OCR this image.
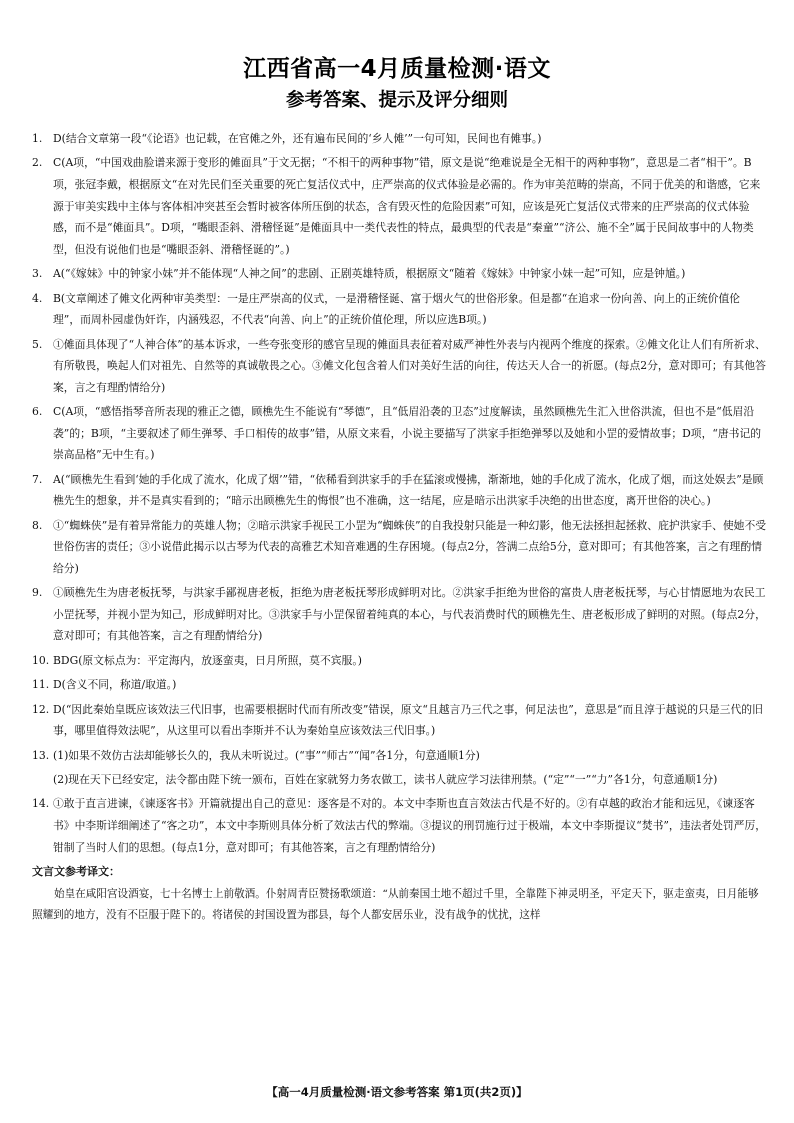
江西省高一4月质量检测·语文
参考答案、提示及评分细则

1. D(结合文章第一段“《论语》也记载，在官傩之外，还有遍布民间的‘乡人傩’”一句可知，民间也有傩事。)

2. C(A项，“中国戏曲脸谱来源于变形的傩面具”于文无据；“不相干的两种事物”错，原文是说“绝难说是全无相干的两种事物”，意思是二者“相干”。B项，张冠李戴，根据原文“在对先民们至关重要的死亡复活仪式中，庄严崇高的仪式体验是必需的。作为审美范畴的崇高，不同于优美的和谐感，它来源于审美实践中主体与客体相冲突甚至会暂时被客体所压倒的状态，含有毁灭性的危险因素”可知，应该是死亡复活仪式带来的庄严崇高的仪式体验感，而不是“傩面具”。D项，“嘴眼歪斜、滑稽怪诞”是傩面具中一类代表性的特点，最典型的代表是“秦童”“济公、施不全”属于民间故事中的人物类型，但没有说他们也是“嘴眼歪斜、滑稽怪诞的”。)

3. A(“《嫁妹》中的钟家小妹”并不能体现“人神之间”的悲剧、正剧英雄特质，根据原文“随着《嫁妹》中钟家小妹一起”可知，应是钟馗。)

4. B(文章阐述了傩文化两种审美类型：一是庄严崇高的仪式，一是滑稽怪诞、富于烟火气的世俗形象。但是都“在追求一份向善、向上的正统价值伦理”，而周朴园虚伪奸诈，内涵残忍，不代表“向善、向上”的正统价值伦理，所以应选B项。)

5. ①傩面具体现了“人神合体”的基本诉求，一些夸张变形的感官呈现的傩面具表征着对威严神性外表与内视两个维度的探索。②傩文化让人们有所祈求、有所敬畏，唤起人们对祖先、自然等的真诚敬畏之心。③傩文化包含着人们对美好生活的向往，传达天人合一的祈愿。(每点2分，意对即可；有其他答案，言之有理酌情给分)

6. C(A项，“感悟指琴音所表现的雅正之德，顾樵先生不能说有“琴德”，且“低眉沿袭的卫态”过度解读，虽然顾樵先生汇入世俗洪流，但也不是“低眉沿袭”的；B项，“主要叙述了师生弹琴、手口相传的故事”错，从原文来看，小说主要描写了洪家手拒绝弹琴以及她和小罡的爱情故事；D项，“唐书记的崇高品格”无中生有。)

7. A(“顾樵先生看到‘她的手化成了流水，化成了烟’”错，“依稀看到洪家手的手在猛滚或慢拂，渐渐地，她的手化成了流水，化成了烟，而这处娱去”是顾樵先生的想象，并不是真实看到的；“暗示出顾樵先生的悔恨”也不准确，这一结尾，应是暗示出洪家手决绝的出世态度，离开世俗的决心。)

8. ①“蜘蛛侠”是有着异常能力的英雄人物；②暗示洪家手视民工小罡为“蜘蛛侠”的自我投射只能是一种幻影，他无法拯担起拯救、庇护洪家手、使她不受世俗伤害的责任；③小说借此揭示以古琴为代表的高雅艺术知音难遇的生存困境。(每点2分，答满二点给5分，意对即可；有其他答案，言之有理酌情给分)

9. ①顾樵先生为唐老板抚琴，与洪家手鄙视唐老板，拒绝为唐老板抚琴形成鲜明对比。②洪家手拒绝为世俗的富贵人唐老板抚琴，与心甘情愿地为农民工小罡抚琴，并视小罡为知己，形成鲜明对比。③洪家手与小罡保留着纯真的本心，与代表消费时代的顾樵先生、唐老板形成了鲜明的对照。(每点2分，意对即可；有其他答案，言之有理酌情给分)

10. BDG(原文标点为：平定海内，放逐蛮夷，日月所照，莫不宾服。)

11. D(含义不同，称道/取道。)

12. D(“因此秦始皇既应该效法三代旧事，也需要根据时代而有所改变”错误，原文“且越言乃三代之事，何足法也”，意思是“而且淳于越说的只是三代的旧事，哪里值得效法呢”，从这里可以看出李斯并不认为秦始皇应该效法三代旧事。)

13. (1)如果不效仿古法却能够长久的，我从未听说过。(“事”“师古”“闻”各1分，句意通顺1分)

(2)现在天下已经安定，法令都由陛下统一颁布，百姓在家就努力务农做工，读书人就应学习法律刑禁。(“定”“一”“力”各1分，句意通顺1分)

14. ①敢于直言进谏，《谏逐客书》开篇就提出自己的意见：逐客是不对的。本文中李斯也直言效法古代是不好的。②有卓越的政治才能和远见，《谏逐客书》中李斯详细阐述了“客之功”，本文中李斯则具体分析了效法古代的弊端。③提议的刑罚施行过于极端，本文中李斯提议“焚书”，违法者处罚严厉，钳制了当时人们的思想。(每点1分，意对即可；有其他答案，言之有理酌情给分)

文言文参考译文：

始皇在咸阳宫设酒宴，七十名博士上前敬酒。仆射周青臣赞扬歌颂道：“从前秦国土地不超过千里，全靠陛下神灵明圣，平定天下，驱走蛮夷，日月能够照耀到的地方，没有不臣服于陛下的。将诸侯的封国设置为郡县，每个人都安居乐业，没有战争的忧扰，这样

【高一4月质量检测·语文参考答案 第1页(共2页)】
